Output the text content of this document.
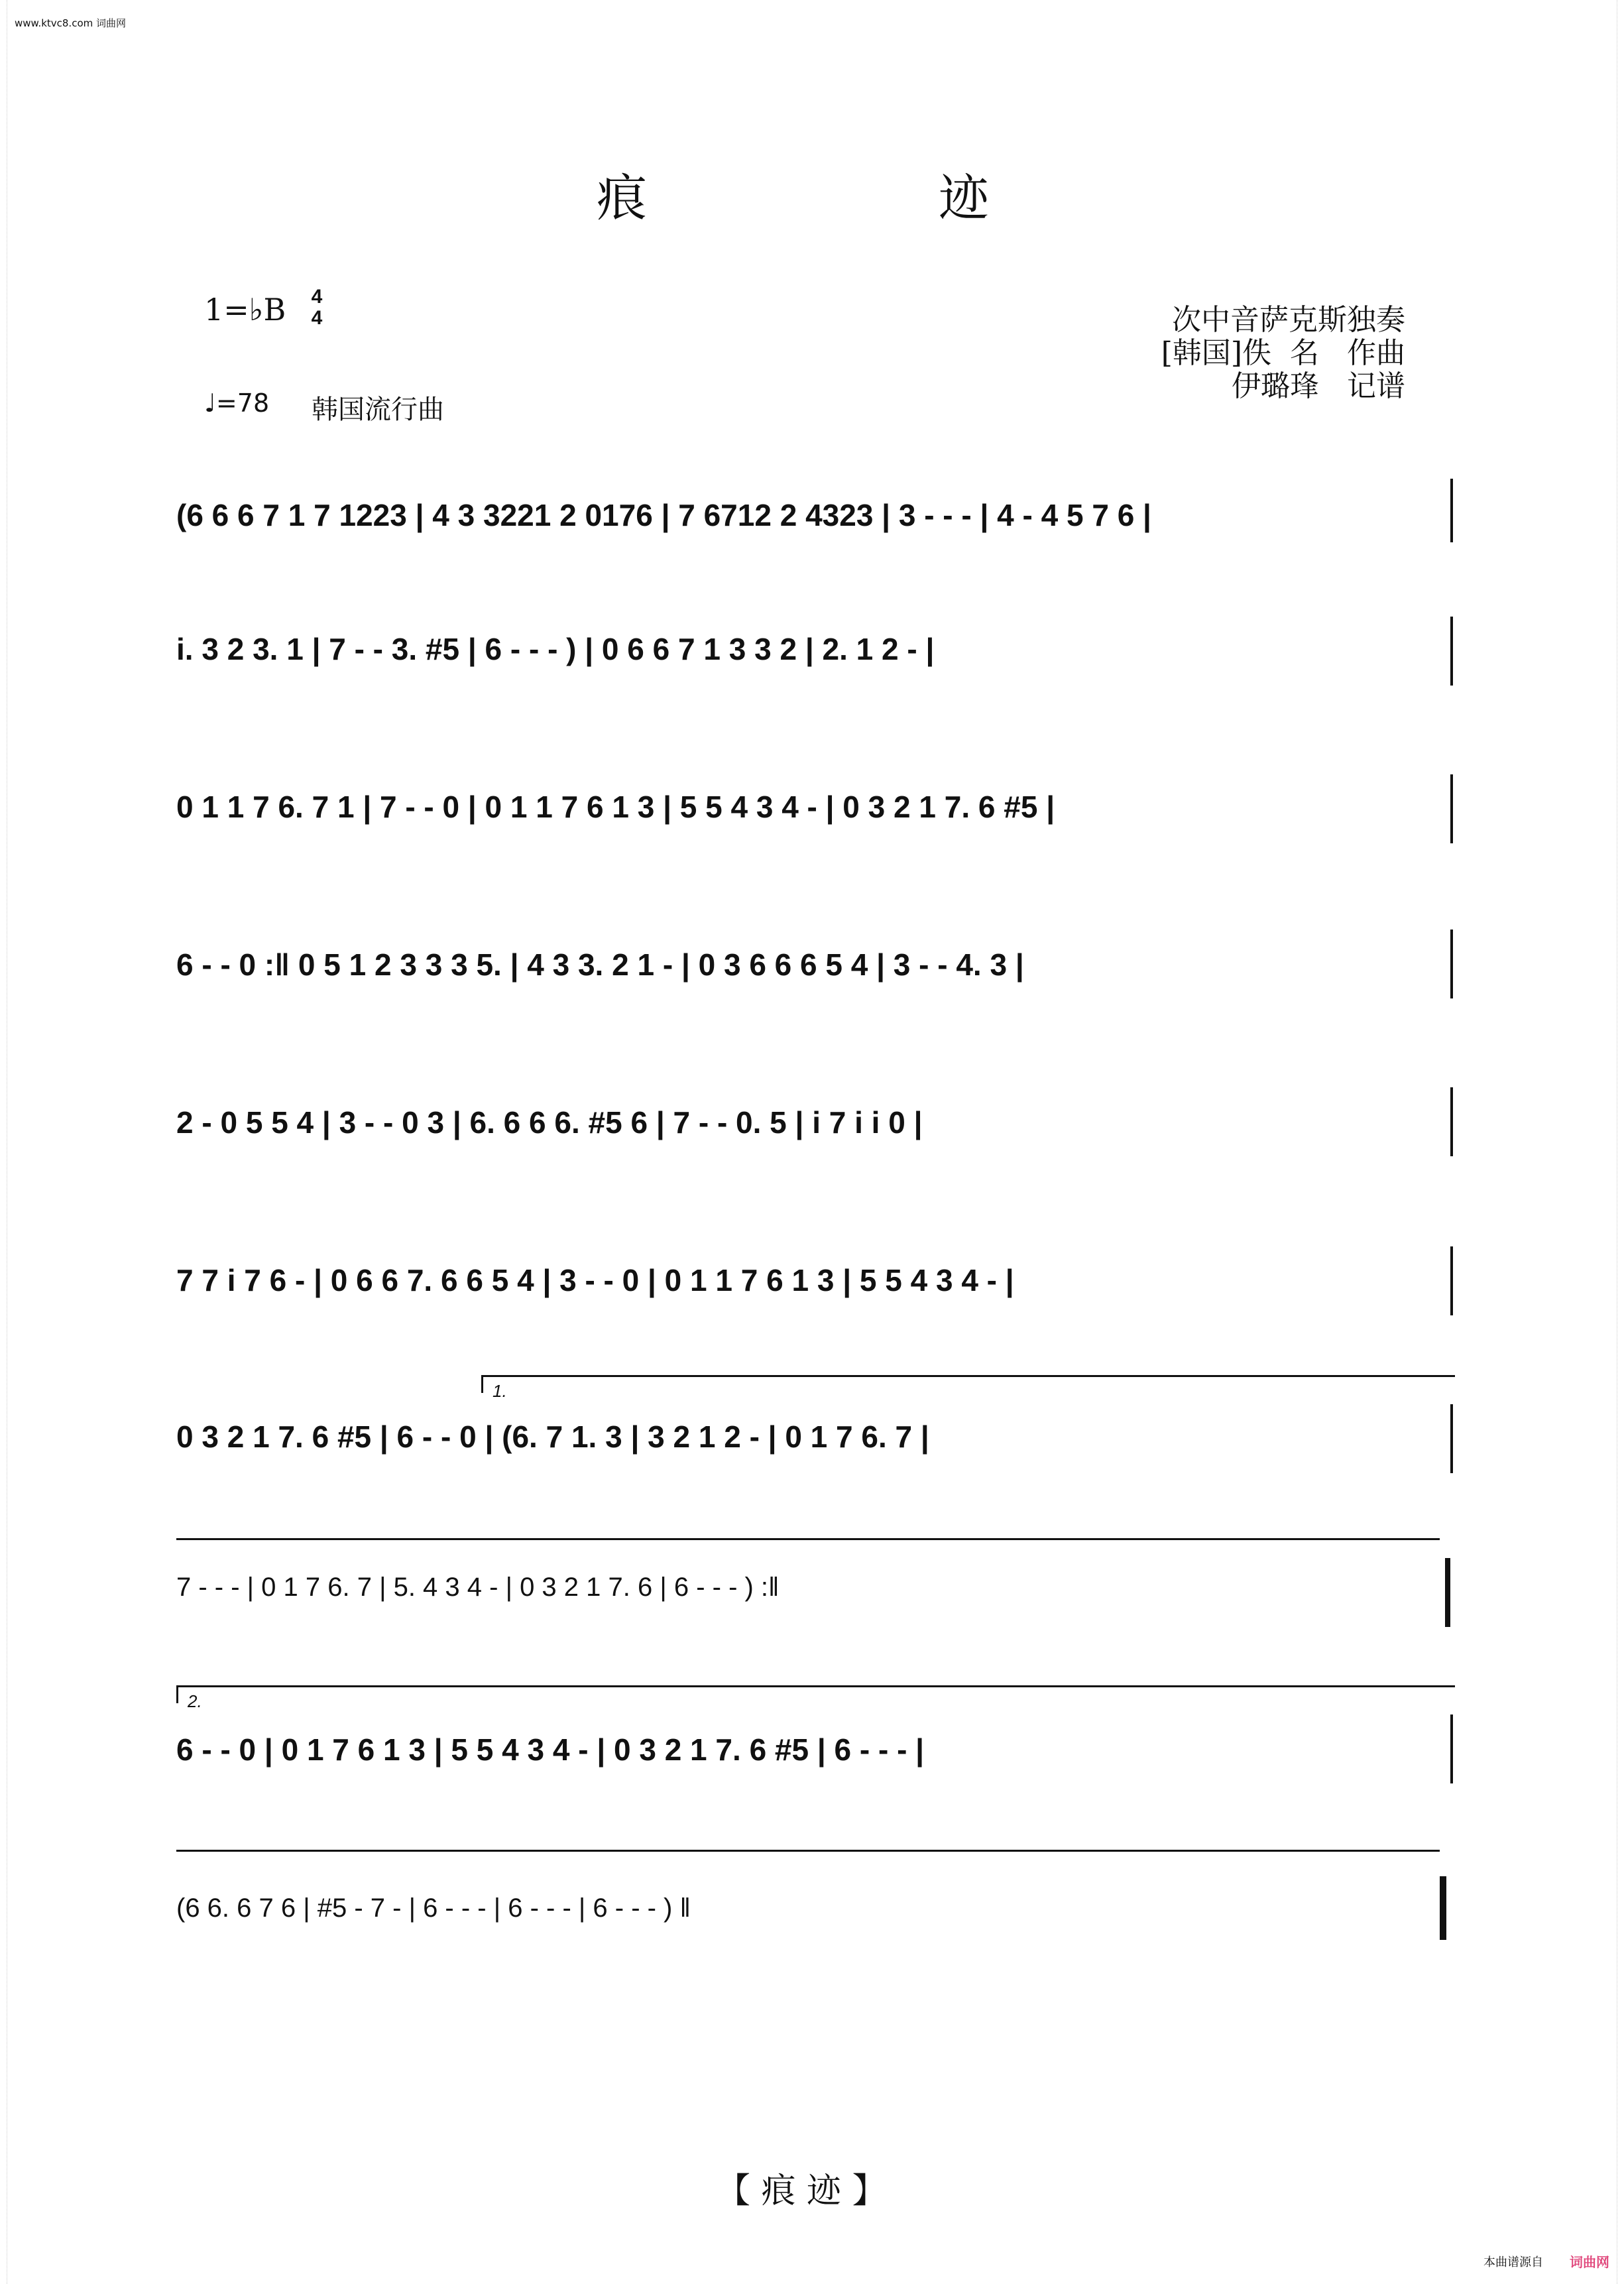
www.ktvc8.com 词曲网
痕	迹
1=♭B 4
4
♩=78 韩国流行曲
次中音萨克斯独奏
[韩国]佚  名   作曲
伊璐琒   记谱
(6 6 6 7 1 7 1223 | 4 3 3221 2 0176 | 7 6712 2 4323 | 3 - - - | 4 - 4 5 7 6 |
i. 3 2 3. 1 | 7 - - 3. #5 | 6 - - - ) | 0 6 6 7 1 3 3 2 | 2. 1 2 - |
0 1 1 7 6. 7 1 | 7 - - 0 | 0 1 1 7 6 1 3 | 5 5 4 3 4 - | 0 3 2 1 7. 6 #5 |
6 - - 0 :‖ 0 5 1 2 3 3 3 5. | 4 3 3. 2 1 - | 0 3 6 6 6 5 4 | 3 - - 4. 3 |
2 - 0 5 5 4 | 3 - - 0 3 | 6. 6 6 6. #5 6 | 7 - - 0. 5 | i 7 i i 0 |
7 7 i 7 6 - | 0 6 6 7. 6 6 5 4 | 3 - - 0 | 0 1 1 7 6 1 3 | 5 5 4 3 4 - |
0 3 2 1 7. 6 #5 | 6 - - 0 | (6. 7 1. 3 | 3 2 1 2 - | 0 1 7 6. 7 |
7 - - - | 0 1 7 6. 7 | 5. 4 3 4 - | 0 3 2 1 7. 6 | 6 - - - ) :‖
6 - - 0 | 0 1 7 6 1 3 | 5 5 4 3 4 - | 0 3 2 1 7. 6 #5 | 6 - - - |
(6 6. 6 7 6 | #5 - 7 - | 6 - - - | 6 - - - | 6 - - - ) ‖
1.
2.
【 痕 迹 】
本曲谱源自 词曲网
